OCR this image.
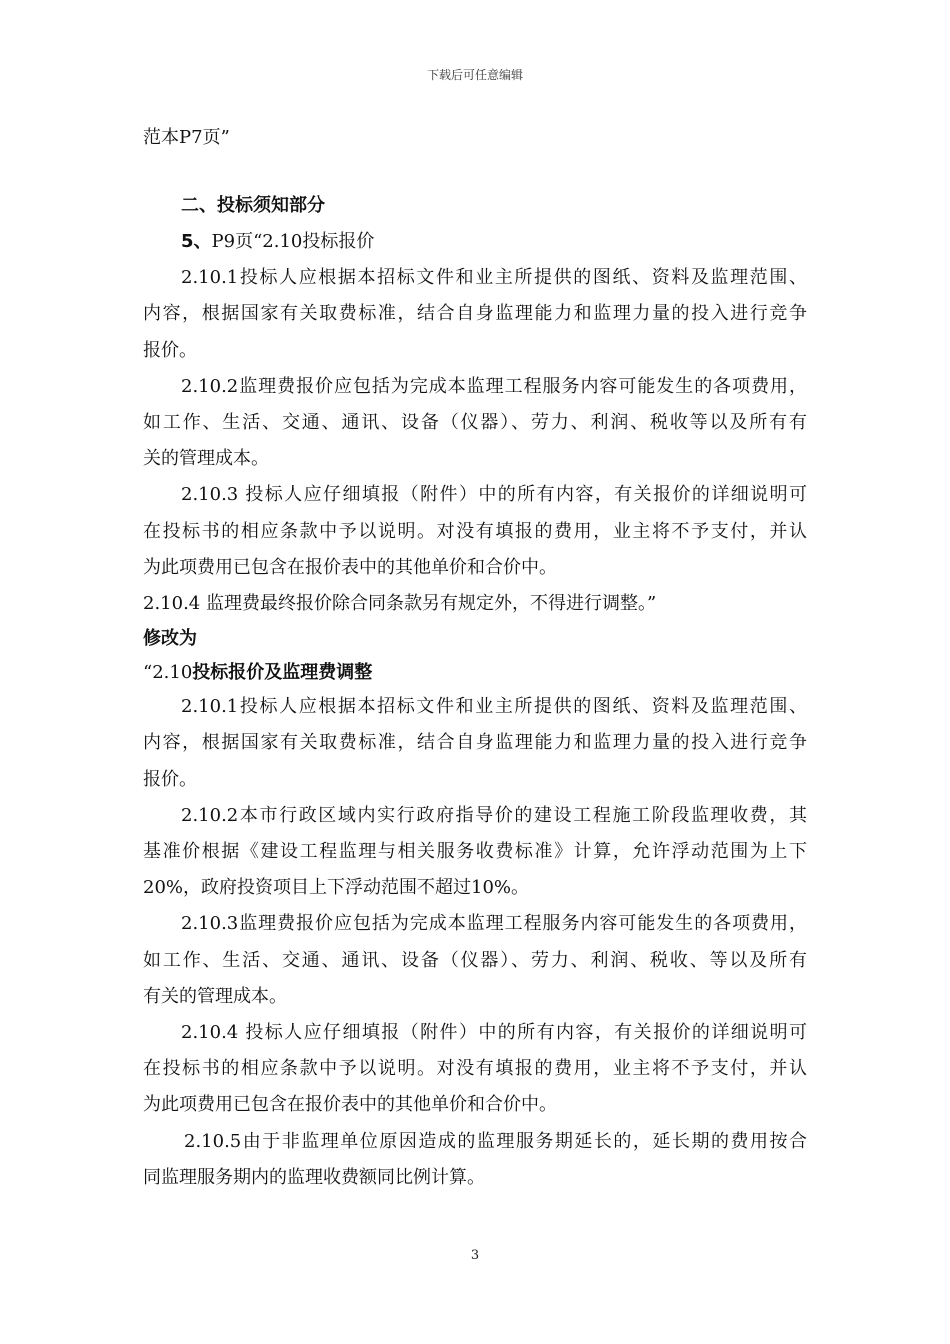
下载后可任意编辑
范本P7页”
二、投标须知部分
5、P9页“2.10投标报价
2.10.1投标人应根据本招标文件和业主所提供的图纸、资料及监理范围、
内容，根据国家有关取费标准，结合自身监理能力和监理力量的投入进行竞争
报价。
2.10.2监理费报价应包括为完成本监理工程服务内容可能发生的各项费用，
如工作、生活、交通、通讯、设备（仪器）、劳力、利润、税收等以及所有有
关的管理成本。
2.10.3 投标人应仔细填报（附件）中的所有内容，有关报价的详细说明可
在投标书的相应条款中予以说明。对没有填报的费用，业主将不予支付，并认
为此项费用已包含在报价表中的其他单价和合价中。
2.10.4 监理费最终报价除合同条款另有规定外，不得进行调整。”
修改为
“2.10投标报价及监理费调整
2.10.1投标人应根据本招标文件和业主所提供的图纸、资料及监理范围、
内容，根据国家有关取费标准，结合自身监理能力和监理力量的投入进行竞争
报价。
2.10.2本市行政区域内实行政府指导价的建设工程施工阶段监理收费，其
基准价根据《建设工程监理与相关服务收费标准》计算，允许浮动范围为上下
20%，政府投资项目上下浮动范围不超过10%。
2.10.3监理费报价应包括为完成本监理工程服务内容可能发生的各项费用，
如工作、生活、交通、通讯、设备（仪器）、劳力、利润、税收、等以及所有
有关的管理成本。
2.10.4 投标人应仔细填报（附件）中的所有内容，有关报价的详细说明可
在投标书的相应条款中予以说明。对没有填报的费用，业主将不予支付，并认
为此项费用已包含在报价表中的其他单价和合价中。
2.10.5由于非监理单位原因造成的监理服务期延长的，延长期的费用按合
同监理服务期内的监理收费额同比例计算。
3
